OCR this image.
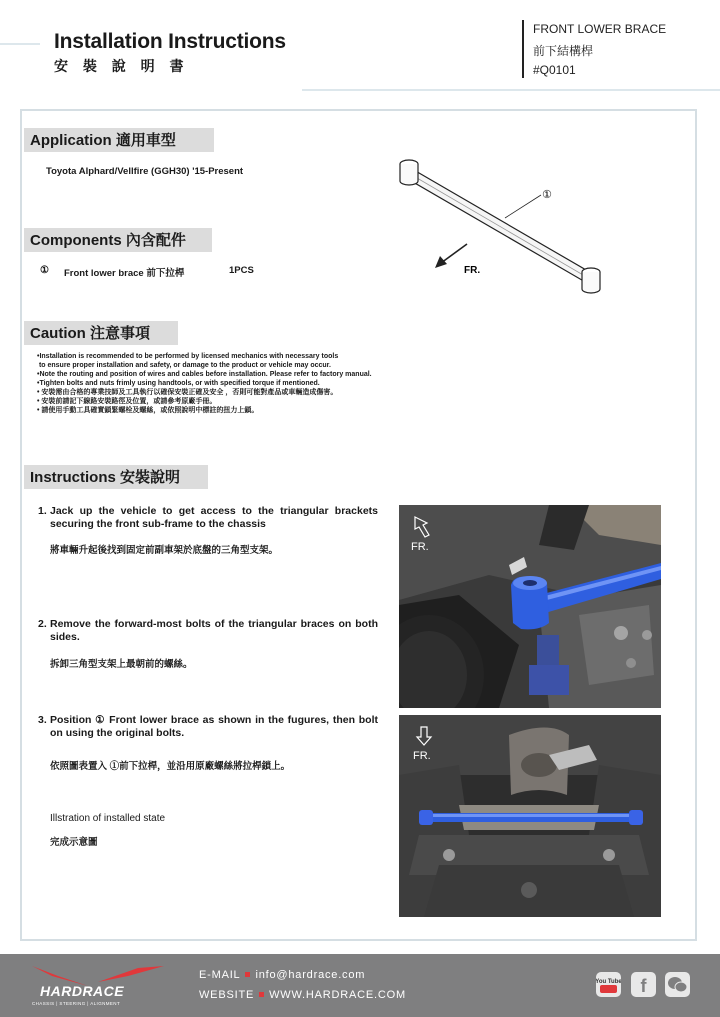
Installation Instructions
安 裝 說 明 書
FRONT LOWER BRACE
前下結構桿
#Q0101
Application 適用車型
Toyota Alphard/Vellfire (GGH30) '15-Present
Components 內含配件
① Front lower brace 前下拉桿	1PCS
①
FR.
Caution 注意事項
•Installation is recommended to be performed by licensed mechanics with necessary tools
to ensure proper installation and safety, or damage to the product or vehicle may occur.
•Note the routing and position of wires and cables before installation. Please refer to factory manual.
•Tighten bolts and nuts frimly using handtools, or with specified torque if mentioned.
• 安裝需由合格的專業技師及工具執行以確保安裝正確及安全 ，否則可能對產品或車輛造成傷害。
• 安裝前請記下線路安裝路徑及位置，或請參考原廠手冊。
• 請使用手動工具確實鎖緊螺栓及螺絲，或依照說明中標註的扭力上鎖。
Instructions 安裝說明
1. Jack up the vehicle to get access to the triangular brackets securing the front sub-frame to the chassis
將車輛升起後找到固定前副車架於底盤的三角型支架。
2. Remove the forward-most bolts of the triangular braces on both sides.
拆卸三角型支架上最朝前的螺絲。
3. Position ① Front lower brace as shown in the fugures, then bolt on using the original bolts.
依照圖表置入 ①前下拉桿，並沿用原廠螺絲將拉桿鎖上。
Illstration of installed state
完成示意圖
FR.
FR.
HARDRACE
CHASSIS | STEERING | ALIGNMENT
E-MAIL info@hardrace.com
WEBSITE WWW.HARDRACE.COM
You Tube f
